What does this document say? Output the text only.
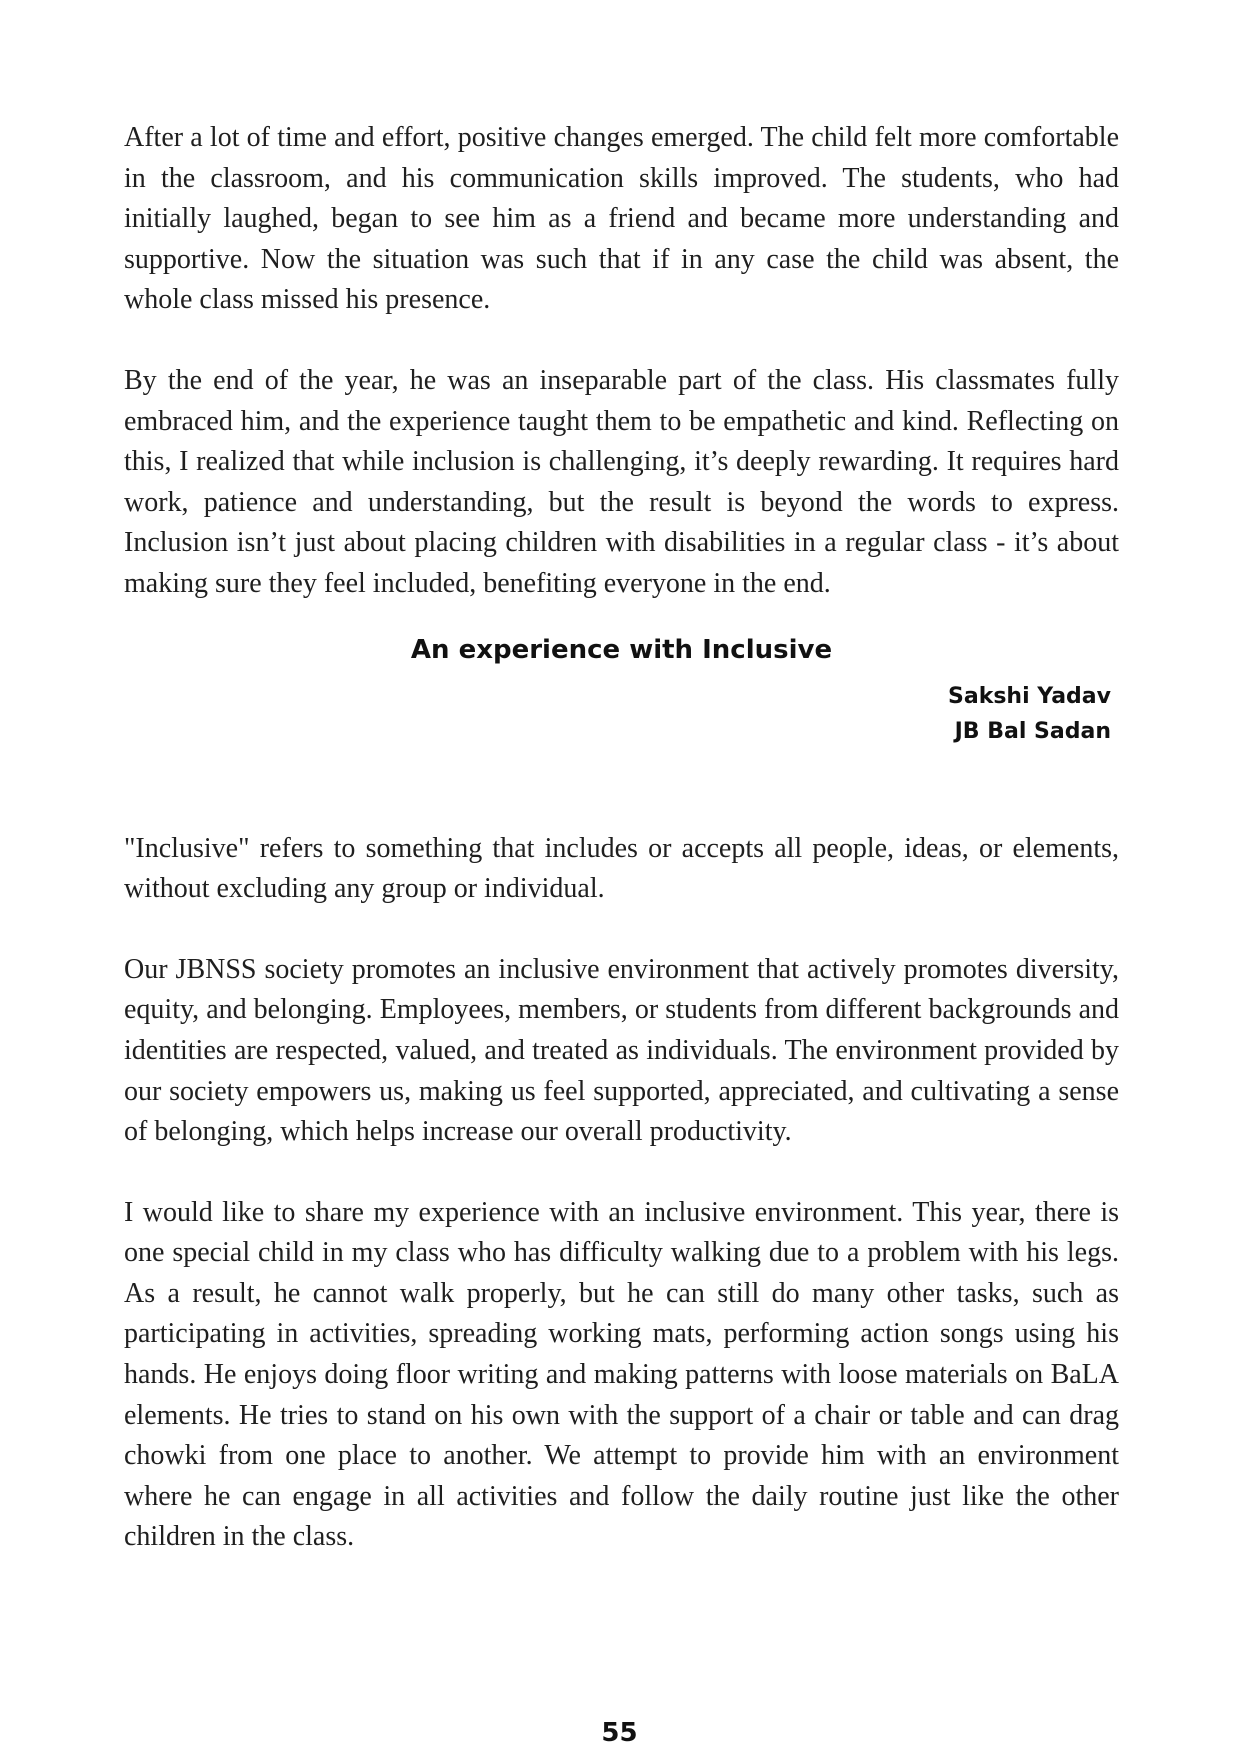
After a lot of time and effort, positive changes emerged. The child felt more comfortable in the classroom, and his communication skills improved. The students, who had initially laughed, began to see him as a friend and became more understanding and supportive. Now the situation was such that if in any case the child was absent, the whole class missed his presence.

By the end of the year, he was an inseparable part of the class. His classmates fully embraced him, and the experience taught them to be empathetic and kind. Reflecting on this, I realized that while inclusion is challenging, it’s deeply rewarding. It requires hard work, patience and understanding, but the result is beyond the words to express. Inclusion isn’t just about placing children with disabilities in a regular class - it’s about making sure they feel included, benefiting everyone in the end.

An experience with Inclusive
Sakshi Yadav
JB Bal Sadan

"Inclusive" refers to something that includes or accepts all people, ideas, or elements, without excluding any group or individual.

Our JBNSS society promotes an inclusive environment that actively promotes diversity, equity, and belonging. Employees, members, or students from different backgrounds and identities are respected, valued, and treated as individuals. The environment provided by our society empowers us, making us feel supported, appreciated, and cultivating a sense of belonging, which helps increase our overall productivity.

I would like to share my experience with an inclusive environment. This year, there is one special child in my class who has difficulty walking due to a problem with his legs. As a result, he cannot walk properly, but he can still do many other tasks, such as participating in activities, spreading working mats, performing action songs using his hands. He enjoys doing floor writing and making patterns with loose materials on BaLA elements. He tries to stand on his own with the support of a chair or table and can drag chowki from one place to another. We attempt to provide him with an environment where he can engage in all activities and follow the daily routine just like the other children in the class.

55
